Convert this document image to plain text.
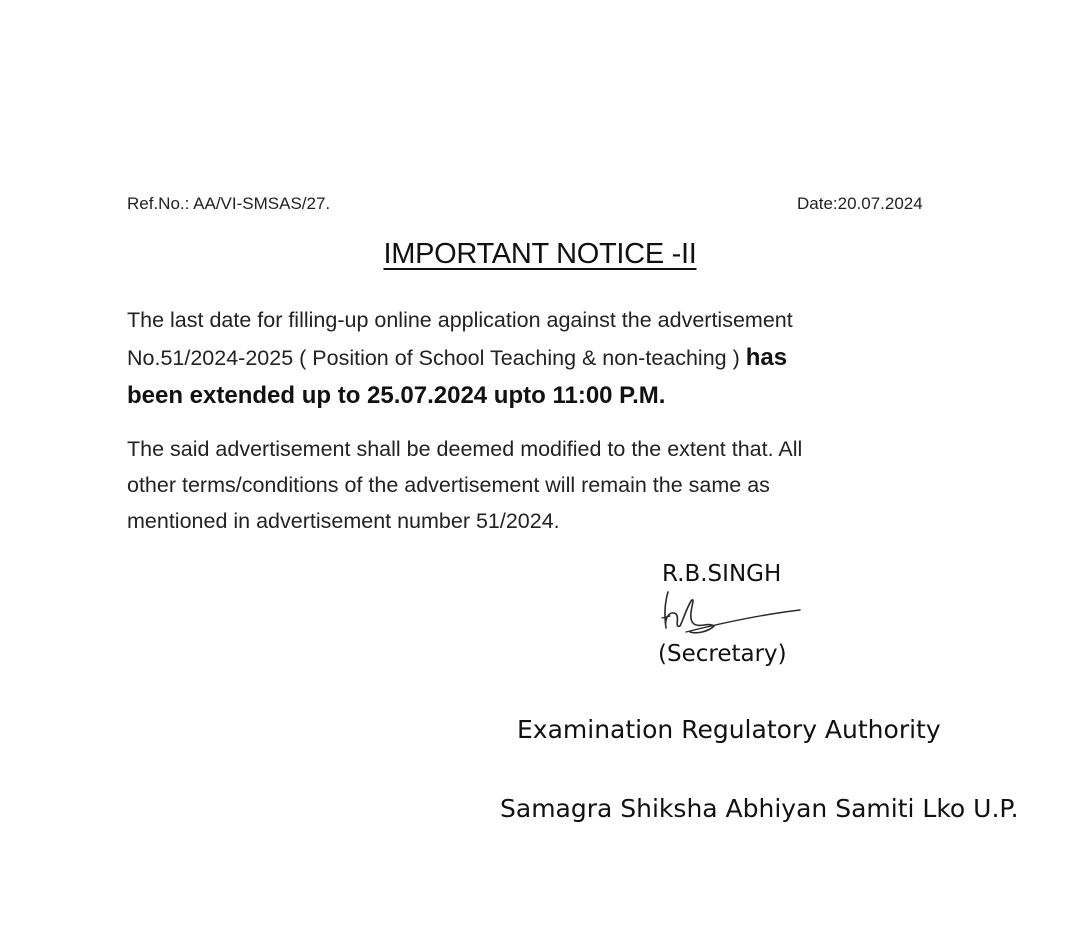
Ref.No.: AA/VI-SMSAS/27.	Date:20.07.2024
IMPORTANT NOTICE -II
The last date for filling-up online application against the advertisement
No.51/2024-2025 ( Position of School Teaching & non-teaching ) has
been extended up to 25.07.2024 upto 11:00 P.M.
The said advertisement shall be deemed modified to the extent that. All
other terms/conditions of the advertisement will remain the same as
mentioned in advertisement number 51/2024.
R.B.SINGH
(Secretary)
Examination Regulatory Authority
Samagra Shiksha Abhiyan Samiti Lko U.P.
